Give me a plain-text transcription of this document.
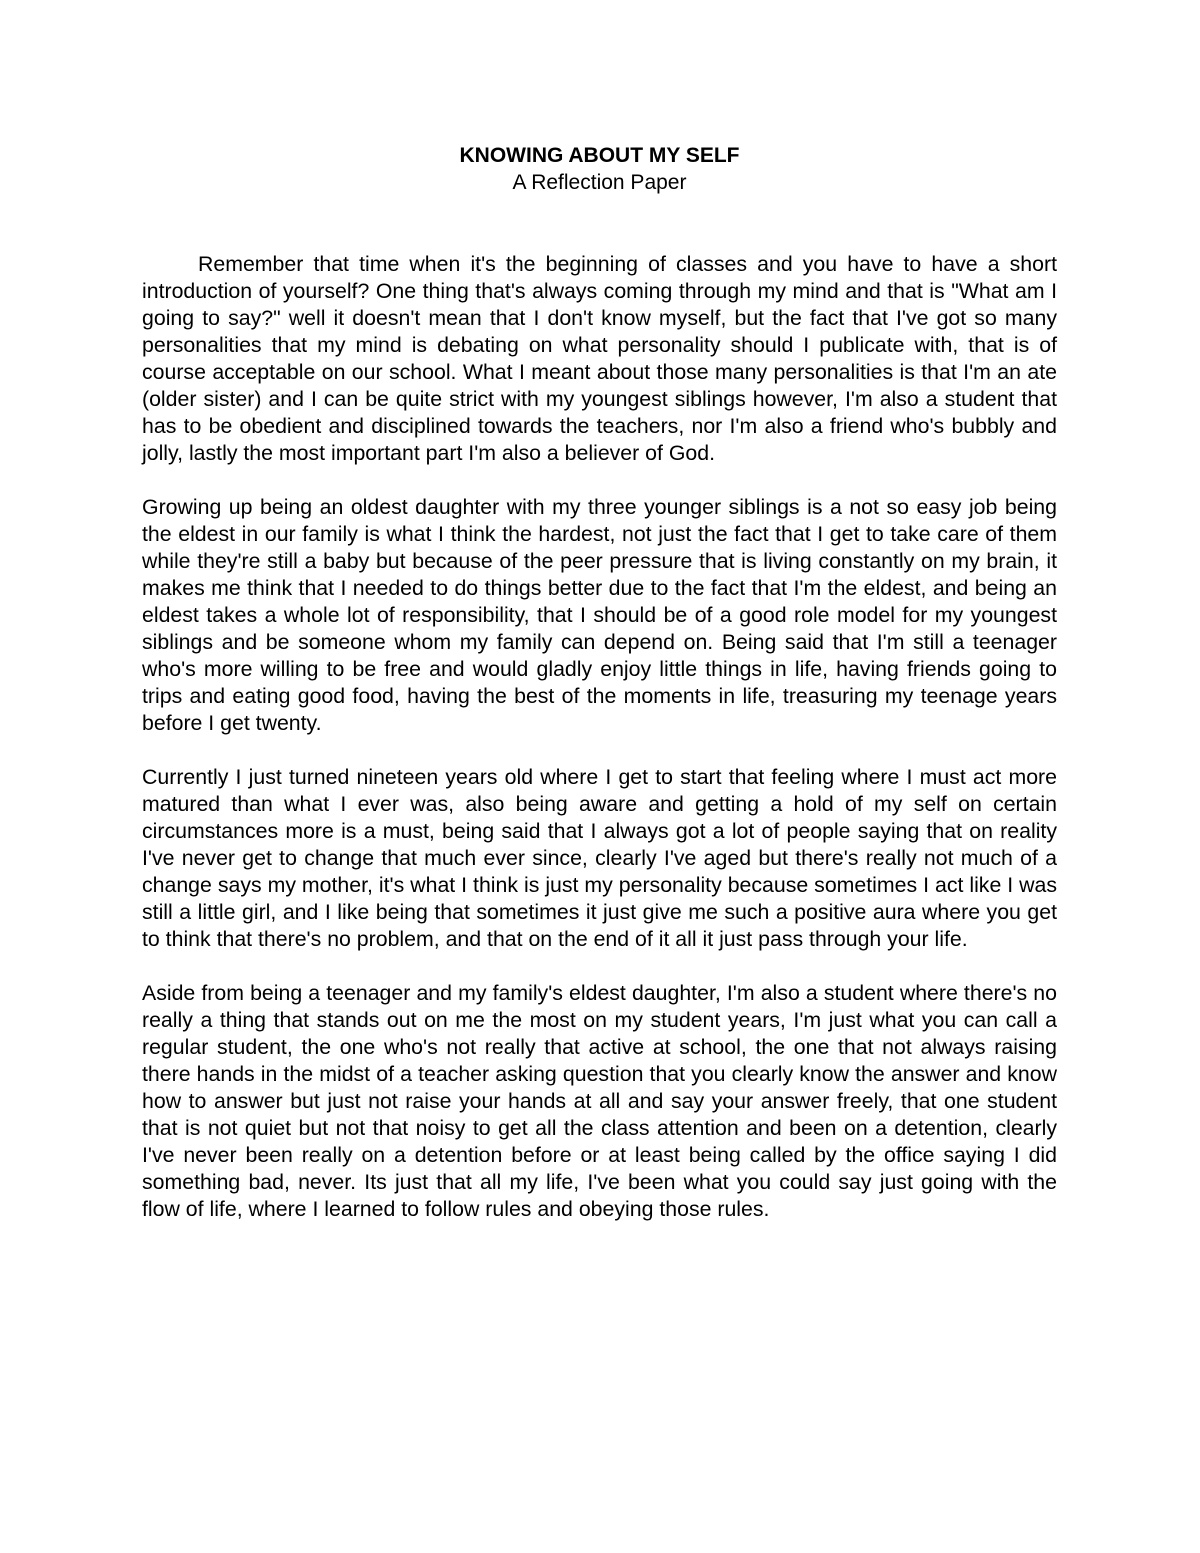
KNOWING ABOUT MY SELF
A Reflection Paper

Remember that time when it's the beginning of classes and you have to have a short introduction of yourself? One thing that's always coming through my mind and that is "What am I going to say?" well it doesn't mean that I don't know myself, but the fact that I've got so many personalities that my mind is debating on what personality should I publicate with, that is of course acceptable on our school. What I meant about those many personalities is that I'm an ate (older sister) and I can be quite strict with my youngest siblings however, I'm also a student that has to be obedient and disciplined towards the teachers, nor I'm also a friend who's bubbly and jolly, lastly the most important part I'm also a believer of God.

Growing up being an oldest daughter with my three younger siblings is a not so easy job being the eldest in our family is what I think the hardest, not just the fact that I get to take care of them while they're still a baby but because of the peer pressure that is living constantly on my brain, it makes me think that I needed to do things better due to the fact that I'm the eldest, and being an eldest takes a whole lot of responsibility, that I should be of a good role model for my youngest siblings and be someone whom my family can depend on. Being said that I'm still a teenager who's more willing to be free and would gladly enjoy little things in life, having friends going to trips and eating good food, having the best of the moments in life, treasuring my teenage years before I get twenty.

Currently I just turned nineteen years old where I get to start that feeling where I must act more matured than what I ever was, also being aware and getting a hold of my self on certain circumstances more is a must, being said that I always got a lot of people saying that on reality I've never get to change that much ever since, clearly I've aged but there's really not much of a change says my mother, it's what I think is just my personality because sometimes I act like I was still a little girl, and I like being that sometimes it just give me such a positive aura where you get to think that there's no problem, and that on the end of it all it just pass through your life.

Aside from being a teenager and my family's eldest daughter, I'm also a student where there's no really a thing that stands out on me the most on my student years, I'm just what you can call a regular student, the one who's not really that active at school, the one that not always raising there hands in the midst of a teacher asking question that you clearly know the answer and know how to answer but just not raise your hands at all and say your answer freely, that one student that is not quiet but not that noisy to get all the class attention and been on a detention, clearly I've never been really on a detention before or at least being called by the office saying I did something bad, never. Its just that all my life, I've been what you could say just going with the flow of life, where I learned to follow rules and obeying those rules.
